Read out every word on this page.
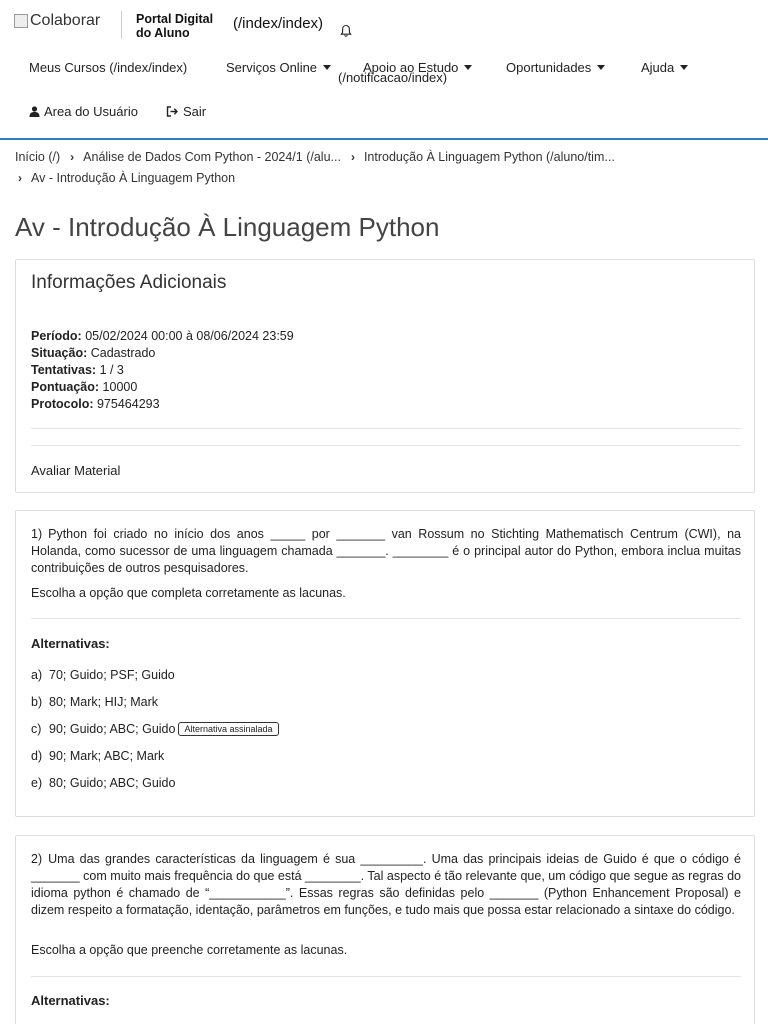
Colaborar	Portal Digital
do Aluno
(/index/index)
Meus Cursos (/index/index)	Serviços Online	Apoio ao Estudo	Oportunidades	Ajuda
(/notificacao/index)
Area do Usuário	Sair
Início (/) › Análise de Dados Com Python - 2024/1 (/alu... › Introdução À Linguagem Python (/aluno/tim...
› Av - Introdução À Linguagem Python
Av - Introdução À Linguagem Python
Informações Adicionais
Período: 05/02/2024 00:00 à 08/06/2024 23:59
Situação: Cadastrado
Tentativas: 1 / 3
Pontuação: 10000
Protocolo: 975464293
Avaliar Material
1) Python foi criado no início dos anos _____ por _______ van Rossum no Stichting Mathematisch Centrum (CWI), na Holanda, como sucessor de uma linguagem chamada _______. ________ é o principal autor do Python, embora inclua muitas contribuições de outros pesquisadores.
Escolha a opção que completa corretamente as lacunas.
Alternativas:
a) 70; Guido; PSF; Guido
b) 80; Mark; HIJ; Mark
c) 90; Guido; ABC; Guido	Alternativa assinalada
d) 90; Mark; ABC; Mark
e) 80; Guido; ABC; Guido
2) Uma das grandes características da linguagem é sua _________. Uma das principais ideias de Guido é que o código é _______ com muito mais frequência do que está ________. Tal aspecto é tão relevante que, um código que segue as regras do idioma python é chamado de “___________”. Essas regras são definidas pelo _______ (Python Enhancement Proposal) e dizem respeito a formatação, identação, parâmetros em funções, e tudo mais que possa estar relacionado a sintaxe do código.
Escolha a opção que preenche corretamente as lacunas.
Alternativas:
